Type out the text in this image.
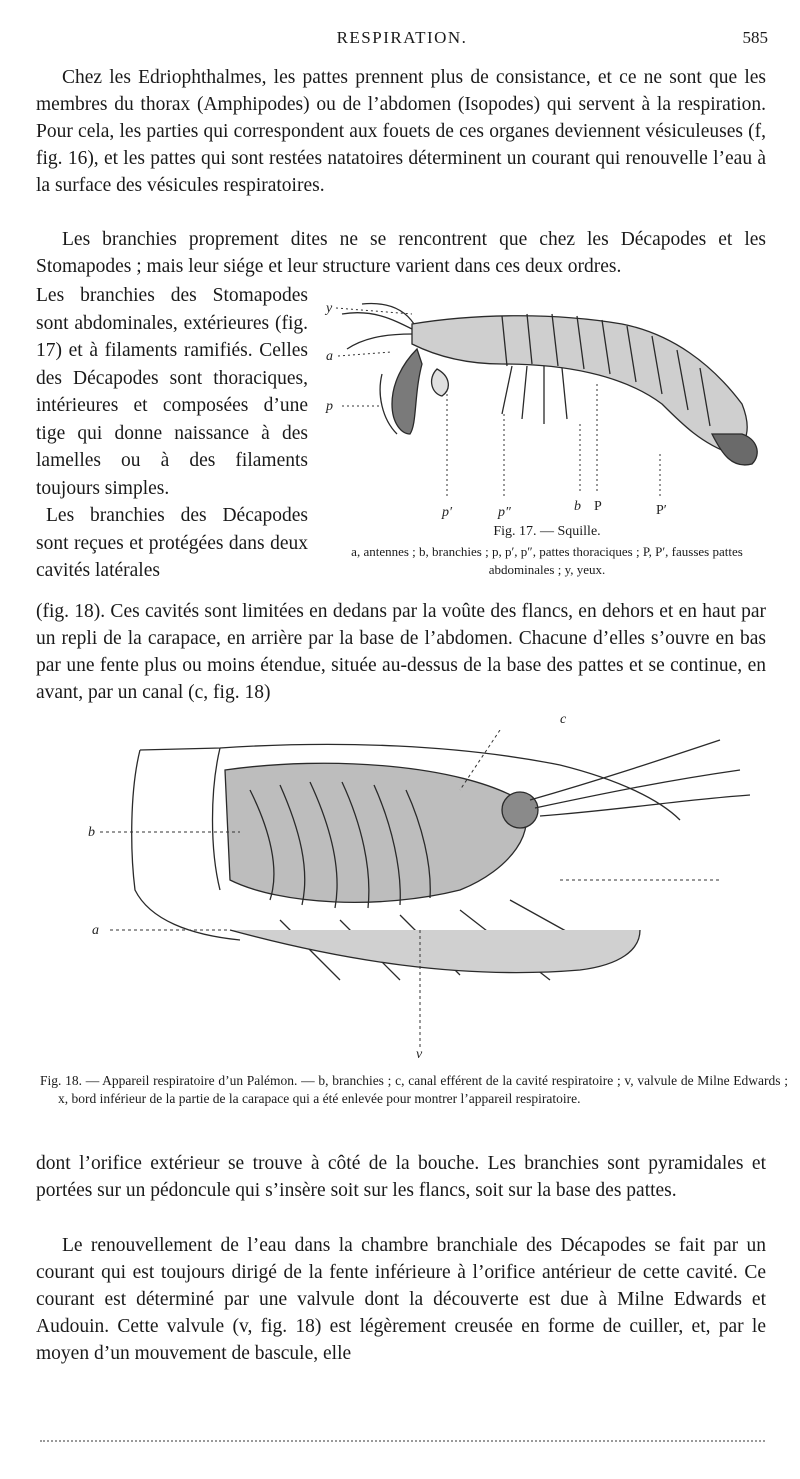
RESPIRATION.	585

Chez les Edriophthalmes, les pattes prennent plus de consistance, et ce ne sont que les membres du thorax (Amphipodes) ou de l’abdomen (Isopodes) qui servent à la respiration. Pour cela, les parties qui correspondent aux fouets de ces organes deviennent vésiculeuses (f, fig. 16), et les pattes qui sont restées natatoires déterminent un courant qui renouvelle l’eau à la surface des vésicules respiratoires.

Les branchies proprement dites ne se rencontrent que chez les Décapodes et les Stomapodes ; mais leur siége et leur structure varient dans ces deux ordres.

Les branchies des Stomapodes sont abdominales, extérieures (fig. 17) et à filaments ramifiés. Celles des Décapodes sont thoraciques, intérieures et composées d’une tige qui donne naissance à des lamelles ou à des filaments toujours simples.

Les branchies des Décapodes sont reçues et protégées dans deux cavités latérales

y
a
p
p′	p″	b P	P′
Fig. 17. — Squille.
a, antennes ; b, branchies ; p, p′, p″, pattes thoraciques ; P, P′, fausses pattes abdominales ; y, yeux.

(fig. 18). Ces cavités sont limitées en dedans par la voûte des flancs, en dehors et en haut par un repli de la carapace, en arrière par la base de l’abdomen. Chacune d’elles s’ouvre en bas par une fente plus ou moins étendue, située au-dessus de la base des pattes et se continue, en avant, par un canal (c, fig. 18)

c
b
a
v
Fig. 18. — Appareil respiratoire d’un Palémon. — b, branchies ; c, canal efférent de la cavité respiratoire ; v, valvule de Milne Edwards ; x, bord inférieur de la partie de la carapace qui a été enlevée pour montrer l’appareil respiratoire.

dont l’orifice extérieur se trouve à côté de la bouche. Les branchies sont pyramidales et portées sur un pédoncule qui s’insère soit sur les flancs, soit sur la base des pattes.

Le renouvellement de l’eau dans la chambre branchiale des Décapodes se fait par un courant qui est toujours dirigé de la fente inférieure à l’orifice antérieur de cette cavité. Ce courant est déterminé par une valvule dont la découverte est due à Milne Edwards et Audouin. Cette valvule (v, fig. 18) est légèrement creusée en forme de cuiller, et, par le moyen d’un mouvement de bascule, elle
